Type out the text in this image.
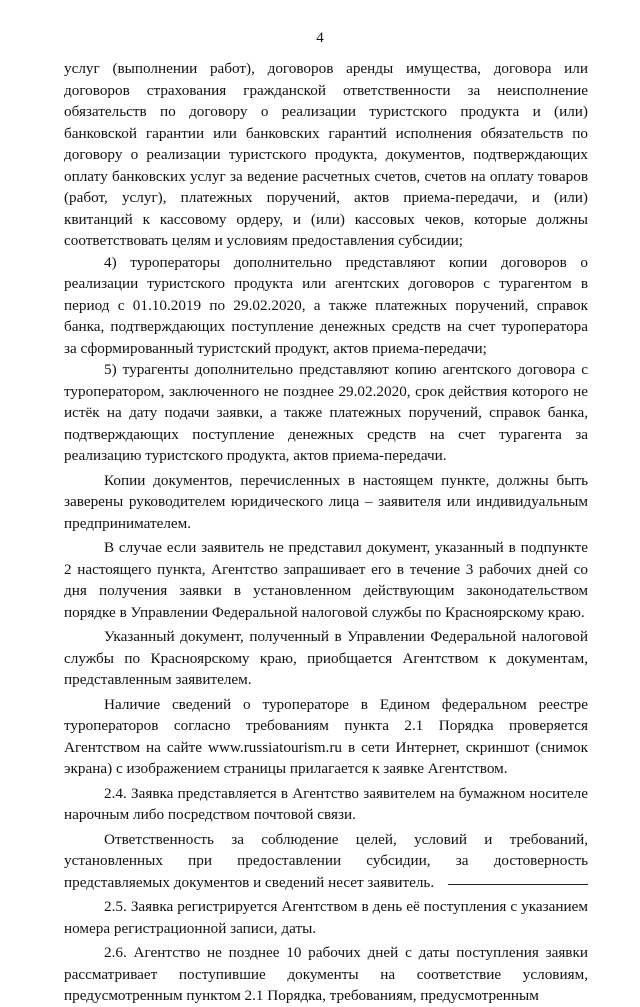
4

услуг (выполнении работ), договоров аренды имущества, договора или договоров страхования гражданской ответственности за неисполнение обязательств по договору о реализации туристского продукта и (или) банковской гарантии или банковских гарантий исполнения обязательств по договору о реализации туристского продукта, документов, подтверждающих оплату банковских услуг за ведение расчетных счетов, счетов на оплату товаров (работ, услуг), платежных поручений, актов приема-передачи, и (или) квитанций к кассовому ордеру, и (или) кассовых чеков, которые должны соответствовать целям и условиям предоставления субсидии;

4) туроператоры дополнительно представляют копии договоров о реализации туристского продукта или агентских договоров с турагентом в период с 01.10.2019 по 29.02.2020, а также платежных поручений, справок банка, подтверждающих поступление денежных средств на счет туроператора за сформированный туристский продукт, актов приема-передачи;

5) турагенты дополнительно представляют копию агентского договора с туроператором, заключенного не позднее 29.02.2020, срок действия которого не истёк на дату подачи заявки, а также платежных поручений, справок банка, подтверждающих поступление денежных средств на счет турагента за реализацию туристского продукта, актов приема-передачи.

Копии документов, перечисленных в настоящем пункте, должны быть заверены руководителем юридического лица – заявителя или индивидуальным предпринимателем.

В случае если заявитель не представил документ, указанный в подпункте 2 настоящего пункта, Агентство запрашивает его в течение 3 рабочих дней со дня получения заявки в установленном действующим законодательством порядке в Управлении Федеральной налоговой службы по Красноярскому краю.

Указанный документ, полученный в Управлении Федеральной налоговой службы по Красноярскому краю, приобщается Агентством к документам, представленным заявителем.

Наличие сведений о туроператоре в Едином федеральном реестре туроператоров согласно требованиям пункта 2.1 Порядка проверяется Агентством на сайте www.russiatourism.ru в сети Интернет, скриншот (снимок экрана) с изображением страницы прилагается к заявке Агентством.

2.4. Заявка представляется в Агентство заявителем на бумажном носителе нарочным либо посредством почтовой связи.

Ответственность за соблюдение целей, условий и требований, установленных при предоставлении субсидии, за достоверность представляемых документов и сведений несет заявитель.

2.5. Заявка регистрируется Агентством в день её поступления с указанием номера регистрационной записи, даты.

2.6. Агентство не позднее 10 рабочих дней с даты поступления заявки рассматривает поступившие документы на соответствие условиям, предусмотренным пунктом 2.1 Порядка, требованиям, предусмотренным
